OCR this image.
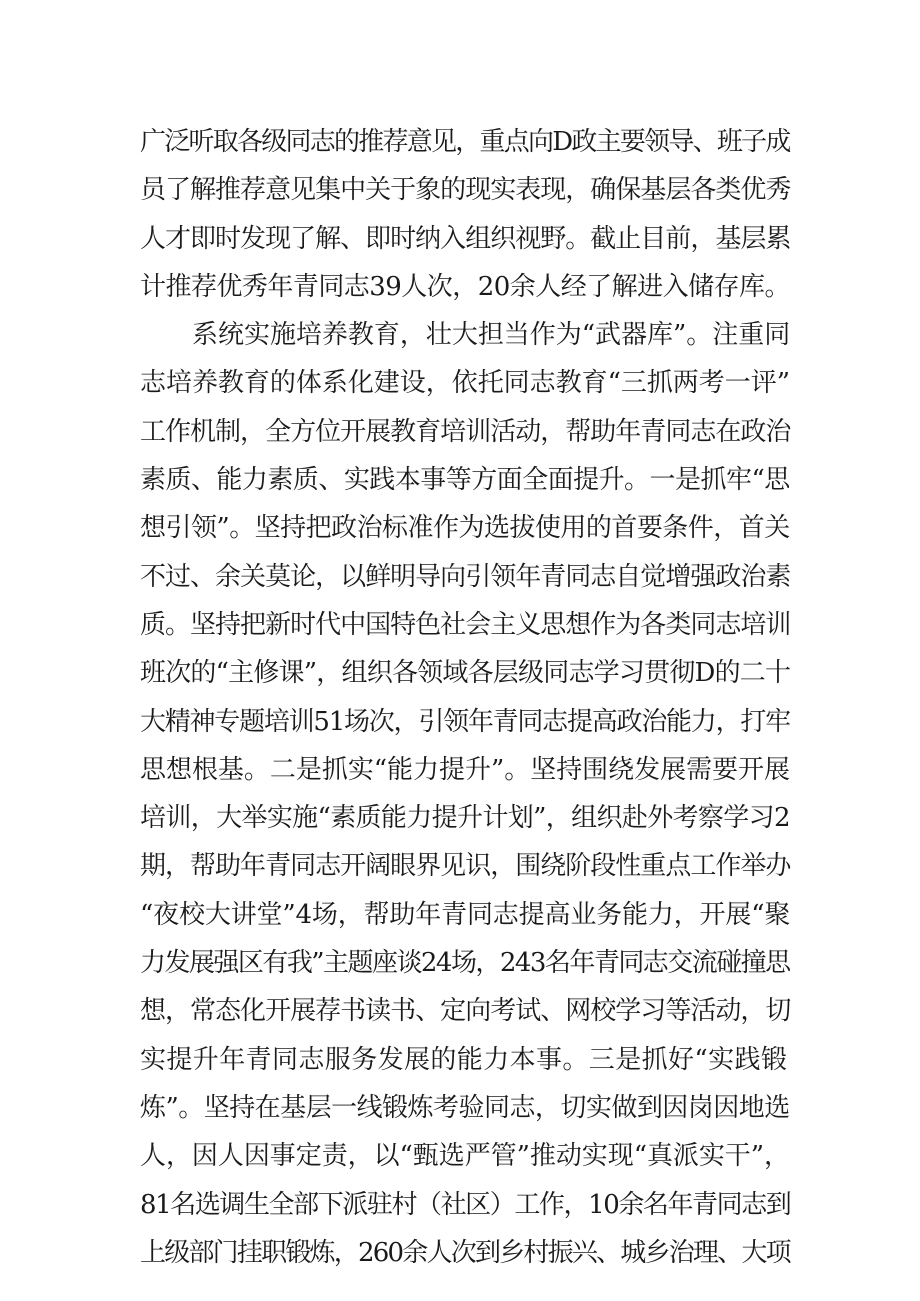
广泛听取各级同志的推荐意见，重点向D政主要领导、班子成
员了解推荐意见集中关于象的现实表现，确保基层各类优秀
人才即时发现了解、即时纳入组织视野。截止目前，基层累
计推荐优秀年青同志39人次，20余人经了解进入储存库。
系统实施培养教育，壮大担当作为“武器库”。注重同
志培养教育的体系化建设，依托同志教育“三抓两考一评”
工作机制，全方位开展教育培训活动，帮助年青同志在政治
素质、能力素质、实践本事等方面全面提升。一是抓牢“思
想引领”。坚持把政治标准作为选拔使用的首要条件，首关
不过、余关莫论，以鲜明导向引领年青同志自觉增强政治素
质。坚持把新时代中国特色社会主义思想作为各类同志培训
班次的“主修课”，组织各领域各层级同志学习贯彻D的二十
大精神专题培训51场次，引领年青同志提高政治能力，打牢
思想根基。二是抓实“能力提升”。坚持围绕发展需要开展
培训，大举实施“素质能力提升计划”，组织赴外考察学习2
期，帮助年青同志开阔眼界见识，围绕阶段性重点工作举办
“夜校大讲堂”4场，帮助年青同志提高业务能力，开展“聚
力发展强区有我”主题座谈24场，243名年青同志交流碰撞思
想，常态化开展荐书读书、定向考试、网校学习等活动，切
实提升年青同志服务发展的能力本事。三是抓好“实践锻
炼”。坚持在基层一线锻炼考验同志，切实做到因岗因地选
人，因人因事定责，以“甄选严管”推动实现“真派实干”，
81名选调生全部下派驻村（社区）工作，10余名年青同志到
上级部门挂职锻炼，260余人次到乡村振兴、城乡治理、大项
